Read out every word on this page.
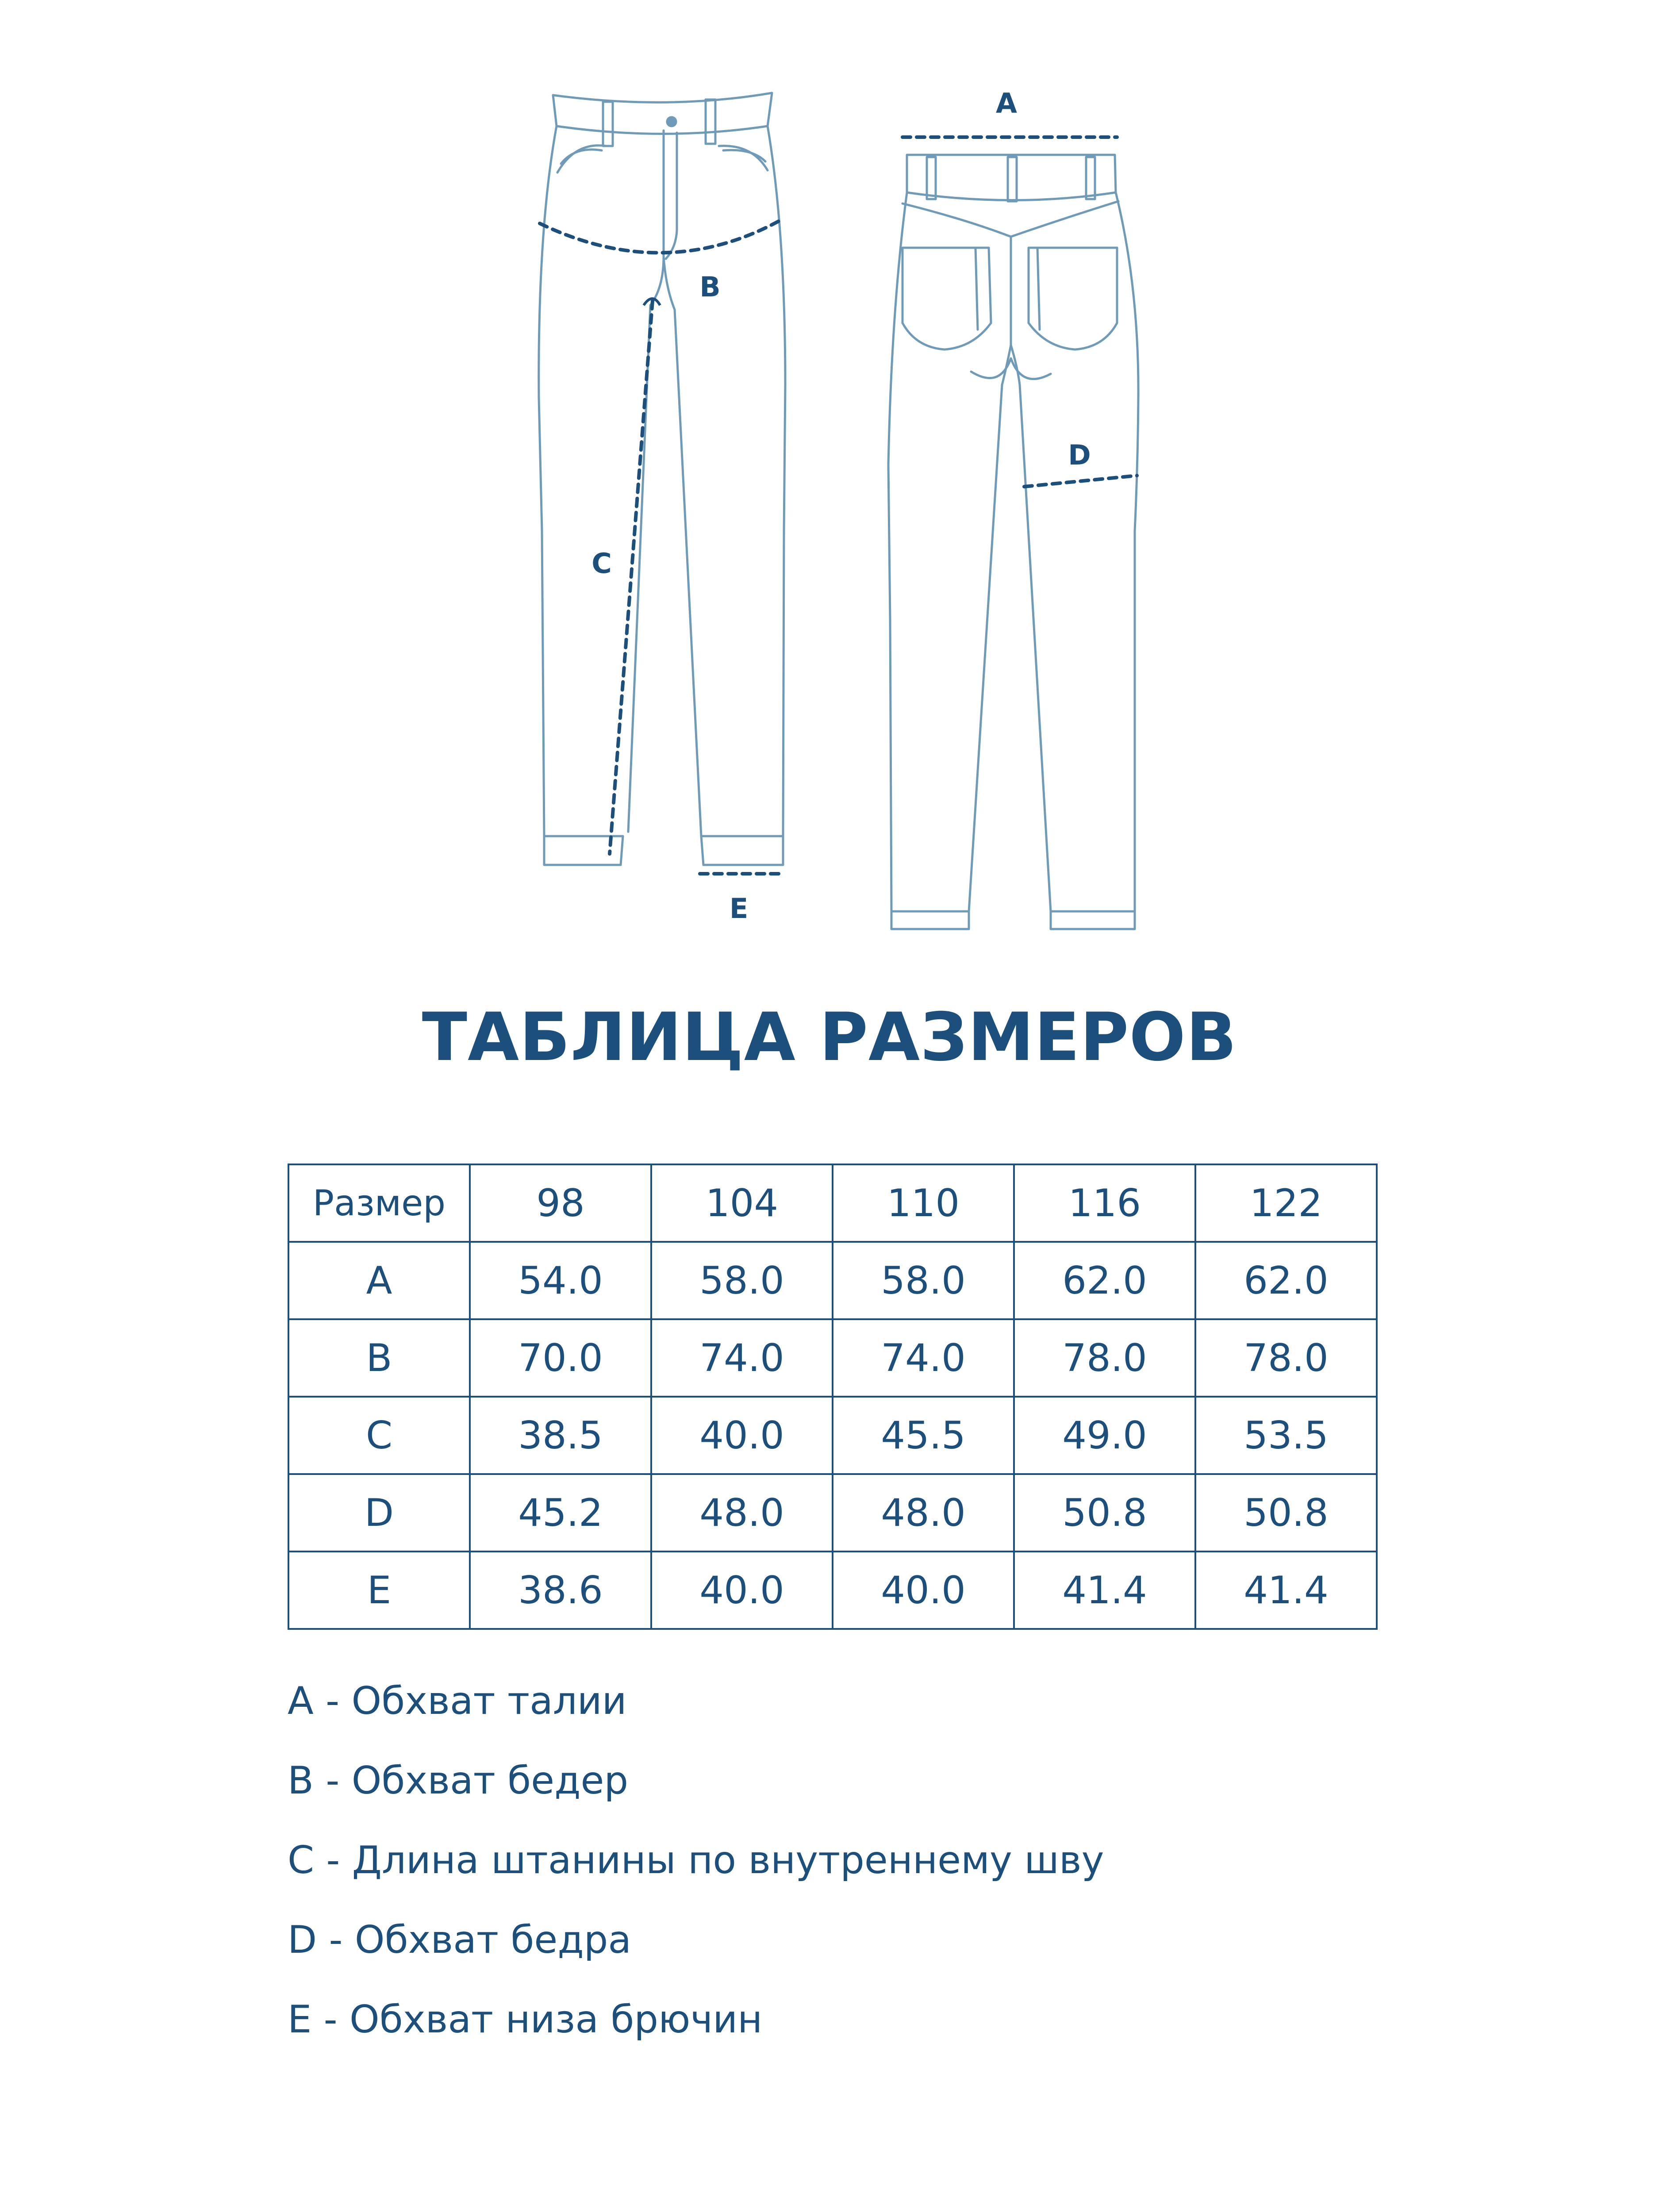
A
B
C
D
E
ТАБЛИЦА РАЗМЕРОВ
Размер	98	104	110	116	122
A	54.0	58.0	58.0	62.0	62.0
B	70.0	74.0	74.0	78.0	78.0
C	38.5	40.0	45.5	49.0	53.5
D	45.2	48.0	48.0	50.8	50.8
E	38.6	40.0	40.0	41.4	41.4
A - Обхват талии
B - Обхват бедер
C - Длина штанины по внутреннему шву
D - Обхват бедра
E - Обхват низа брючин
